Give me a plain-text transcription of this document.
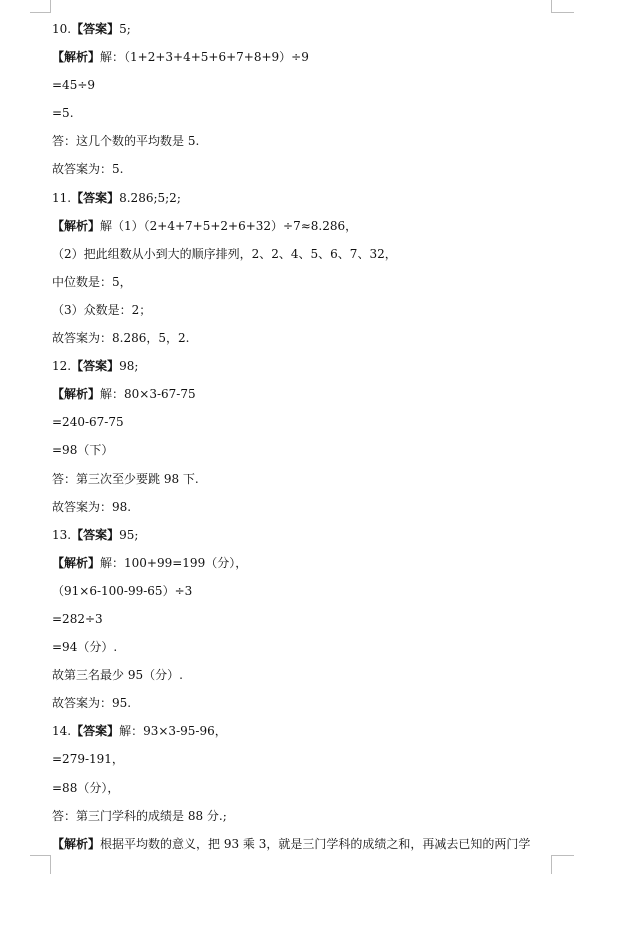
10.【答案】5;
【解析】解：（1+2+3+4+5+6+7+8+9）÷9
=45÷9
=5.
答：这几个数的平均数是 5.
故答案为：5.
11.【答案】8.286;5;2;
【解析】解（1）（2+4+7+5+2+6+32）÷7≈8.286，
（2）把此组数从小到大的顺序排列，2、2、4、5、6、7、32，
中位数是：5，
（3）众数是：2；
故答案为：8.286，5，2.
12.【答案】98;
【解析】解：80×3-67-75
=240-67-75
=98（下）
答：第三次至少要跳 98 下.
故答案为：98.
13.【答案】95;
【解析】解：100+99=199（分），
（91×6-100-99-65）÷3
=282÷3
=94（分）.
故第三名最少 95（分）.
故答案为：95.
14.【答案】解：93×3-95-96，
=279-191，
=88（分），
答：第三门学科的成绩是 88 分.;
【解析】根据平均数的意义，把 93 乘 3，就是三门学科的成绩之和，再减去已知的两门学
